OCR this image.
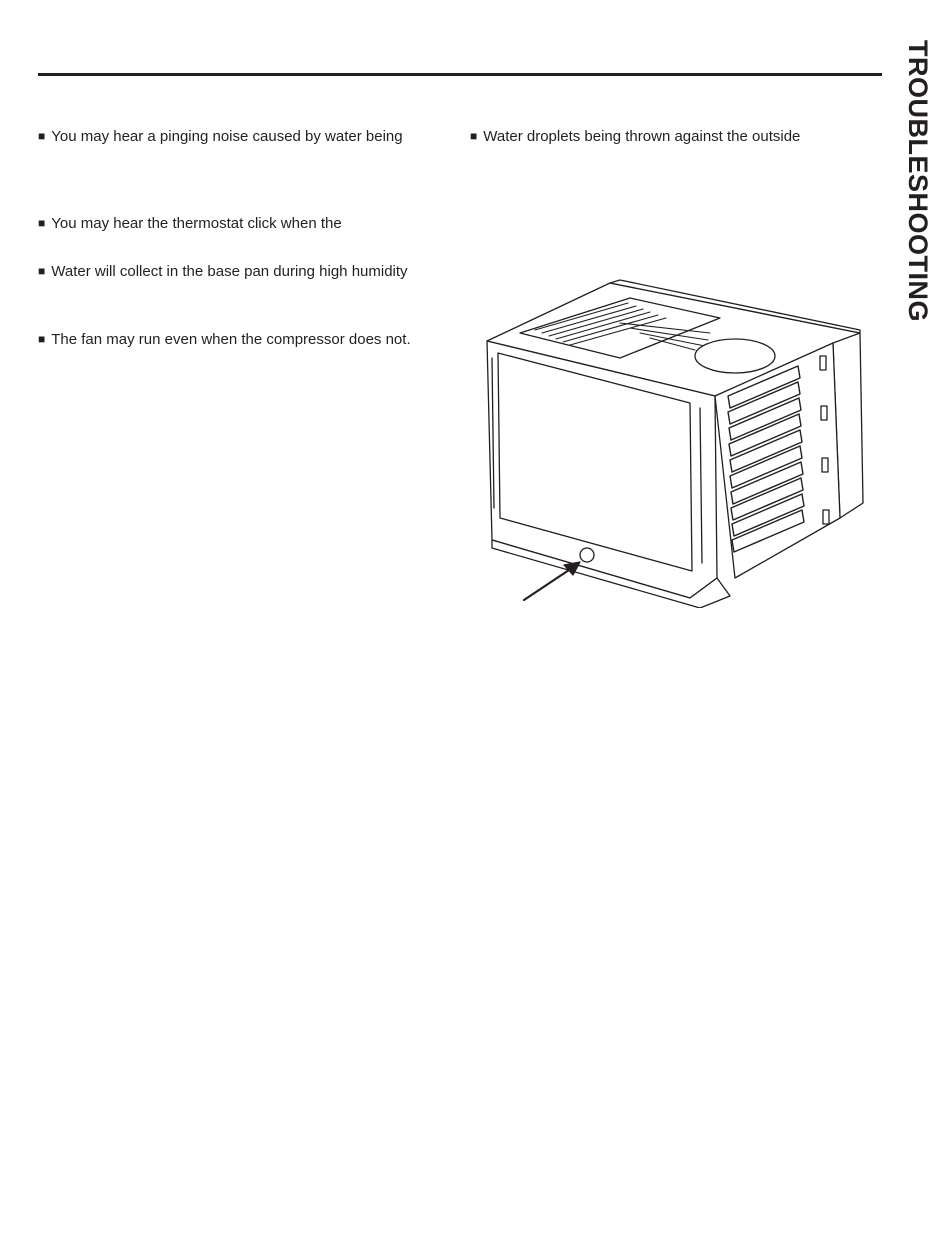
TROUBLESHOOTING
■ You may hear a pinging noise caused by water being
■ You may hear the thermostat click when the
■ Water will collect in the base pan during high humidity
■ The fan may run even when the compressor does not.
■ Water droplets being thrown against the outside
